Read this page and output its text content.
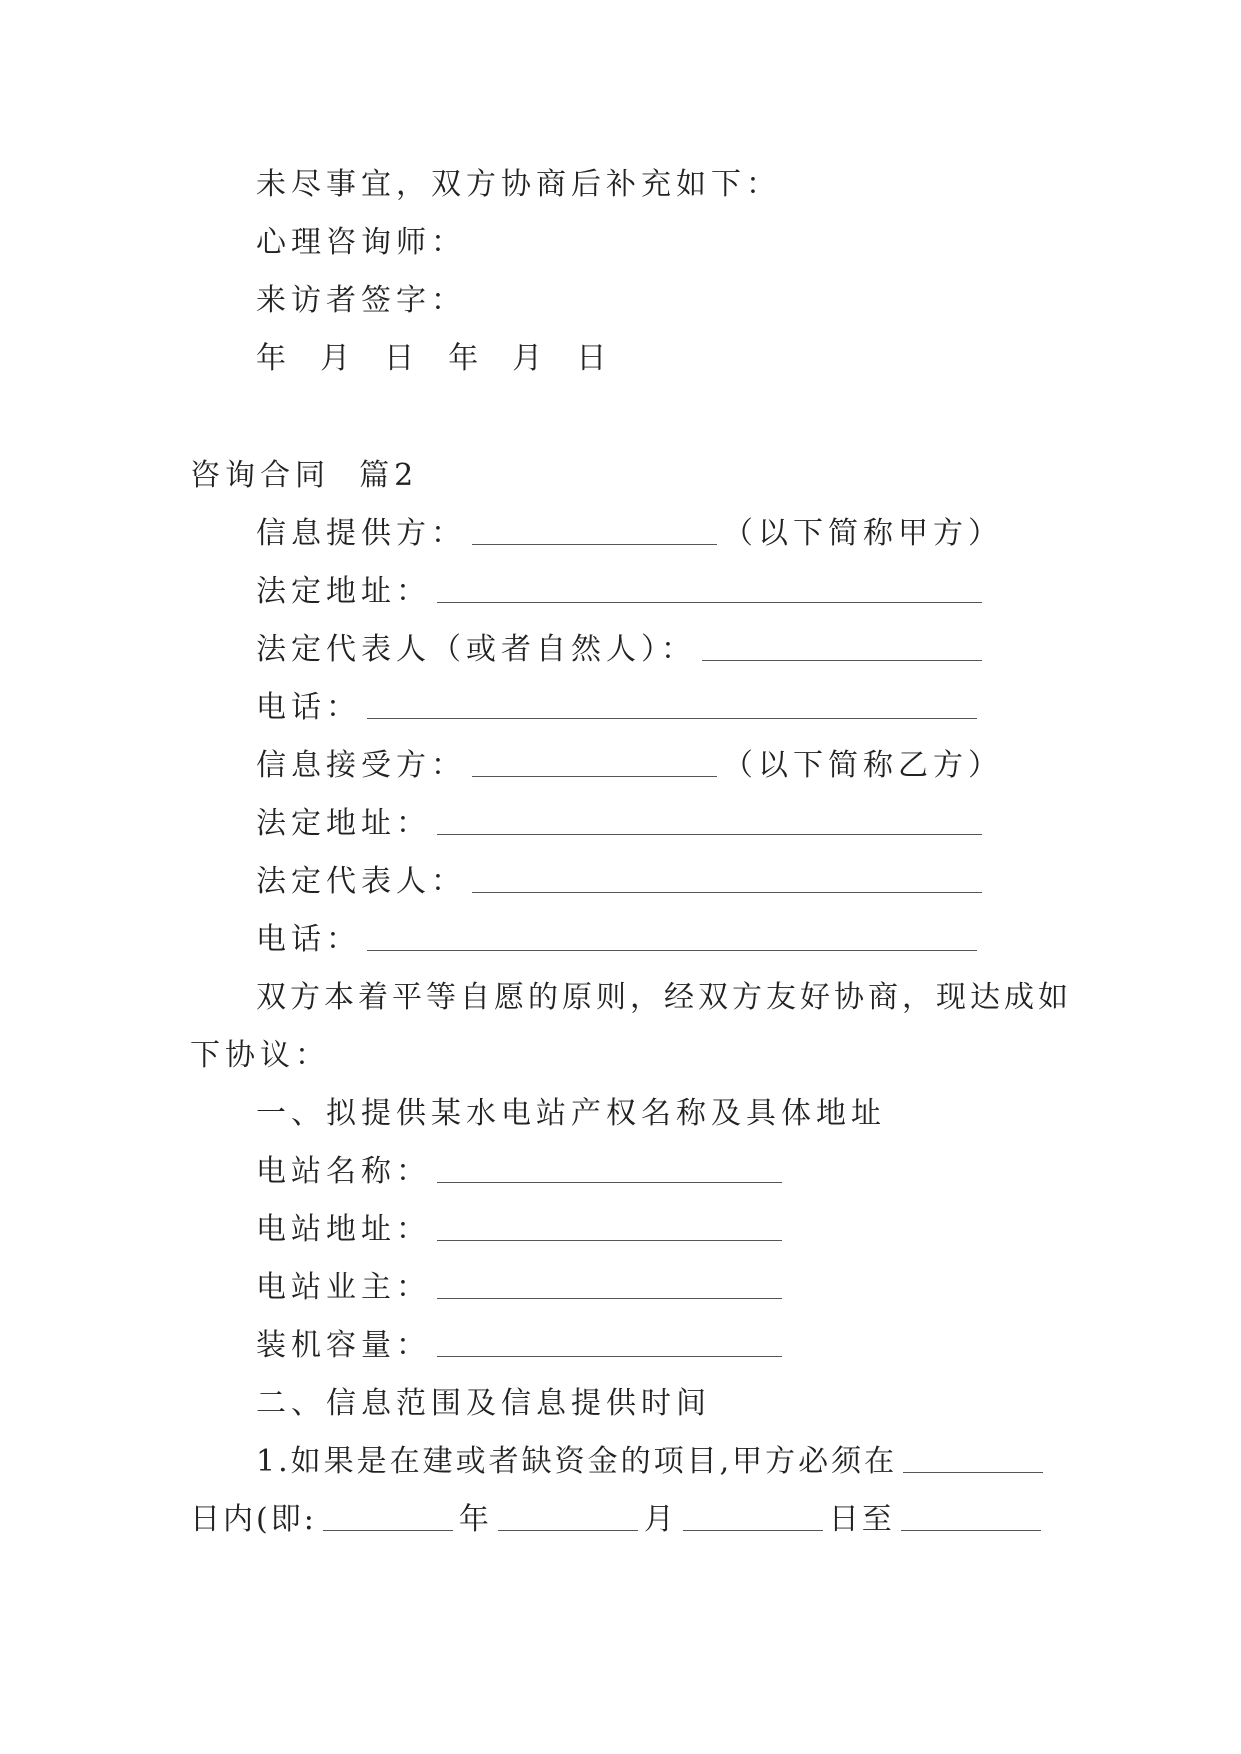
未尽事宜，双方协商后补充如下：
心理咨询师：
来访者签字：
年  月  日  年  月  日
咨询合同  篇2
信息提供方：	（以下简称甲方）
法定地址：
法定代表人（或者自然人）：
电话：
信息接受方：	（以下简称乙方）
法定地址：
法定代表人：
电话：
双方本着平等自愿的原则，经双方友好协商，现达成如
下协议：
一、拟提供某水电站产权名称及具体地址
电站名称：
电站地址：
电站业主：
装机容量：
二、信息范围及信息提供时间
1.如果是在建或者缺资金的项目,甲方必须在
日内(即:	年	月	日至
